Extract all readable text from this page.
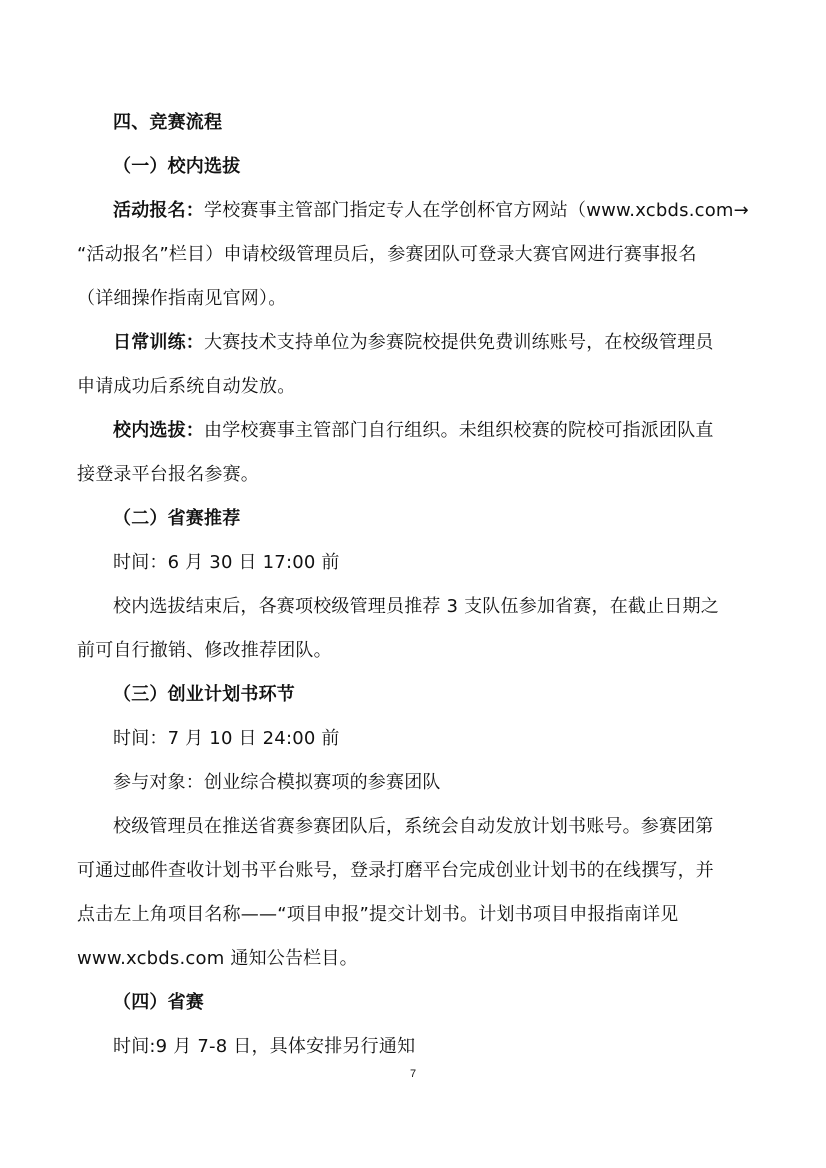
四、竞赛流程
（一）校内选拔
活动报名：学校赛事主管部门指定专人在学创杯官方网站（www.xcbds.com→
“活动报名”栏目）申请校级管理员后，参赛团队可登录大赛官网进行赛事报名
（详细操作指南见官网）。
日常训练：大赛技术支持单位为参赛院校提供免费训练账号，在校级管理员
申请成功后系统自动发放。
校内选拔：由学校赛事主管部门自行组织。未组织校赛的院校可指派团队直
接登录平台报名参赛。
（二）省赛推荐
时间：6 月 30 日 17:00 前
校内选拔结束后，各赛项校级管理员推荐 3 支队伍参加省赛，在截止日期之
前可自行撤销、修改推荐团队。
（三）创业计划书环节
时间：7 月 10 日 24:00 前
参与对象：创业综合模拟赛项的参赛团队
校级管理员在推送省赛参赛团队后，系统会自动发放计划书账号。参赛团第
可通过邮件查收计划书平台账号，登录打磨平台完成创业计划书的在线撰写，并
点击左上角项目名称——“项目申报”提交计划书。计划书项目申报指南详见
www.xcbds.com 通知公告栏目。
（四）省赛
时间:9 月 7-8 日，具体安排另行通知
7
